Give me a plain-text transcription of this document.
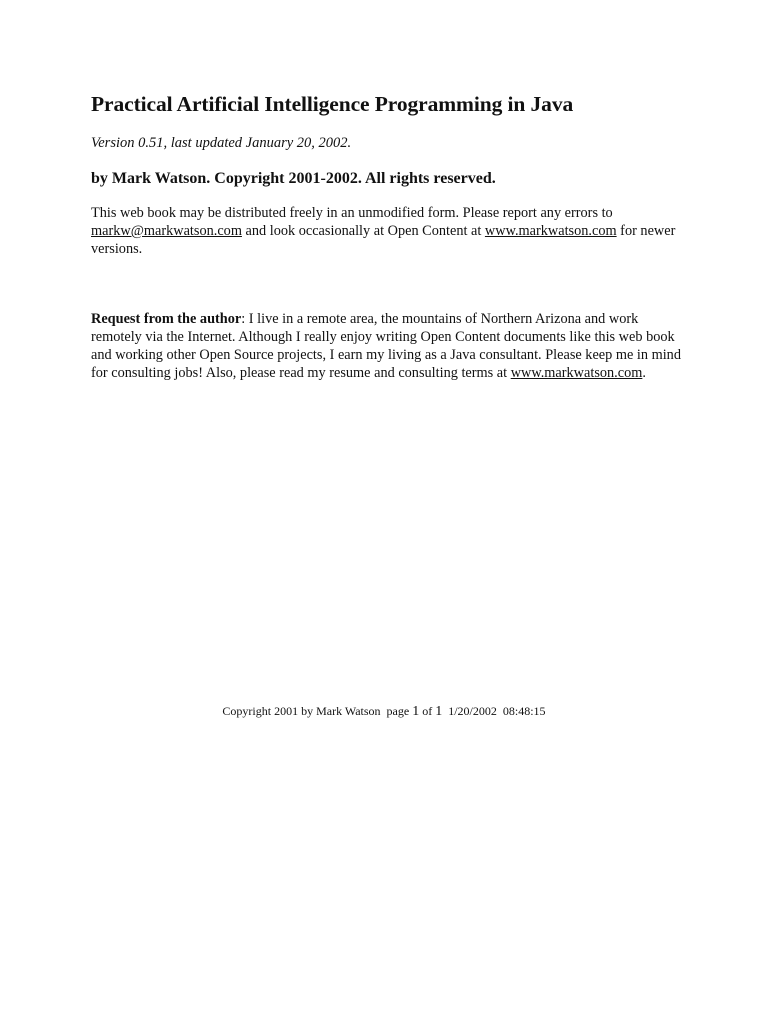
Practical Artificial Intelligence Programming in Java

Version 0.51, last updated January 20, 2002.

by Mark Watson. Copyright 2001-2002. All rights reserved.

This web book may be distributed freely in an unmodified form. Please report any errors to markw@markwatson.com and look occasionally at Open Content at www.markwatson.com for newer versions.

Request from the author: I live in a remote area, the mountains of Northern Arizona and work remotely via the Internet. Although I really enjoy writing Open Content documents like this web book and working other Open Source projects, I earn my living as a Java consultant. Please keep me in mind for consulting jobs! Also, please read my resume and consulting terms at www.markwatson.com.

Copyright 2001 by Mark Watson  page 1 of 1  1/20/2002  08:48:15
